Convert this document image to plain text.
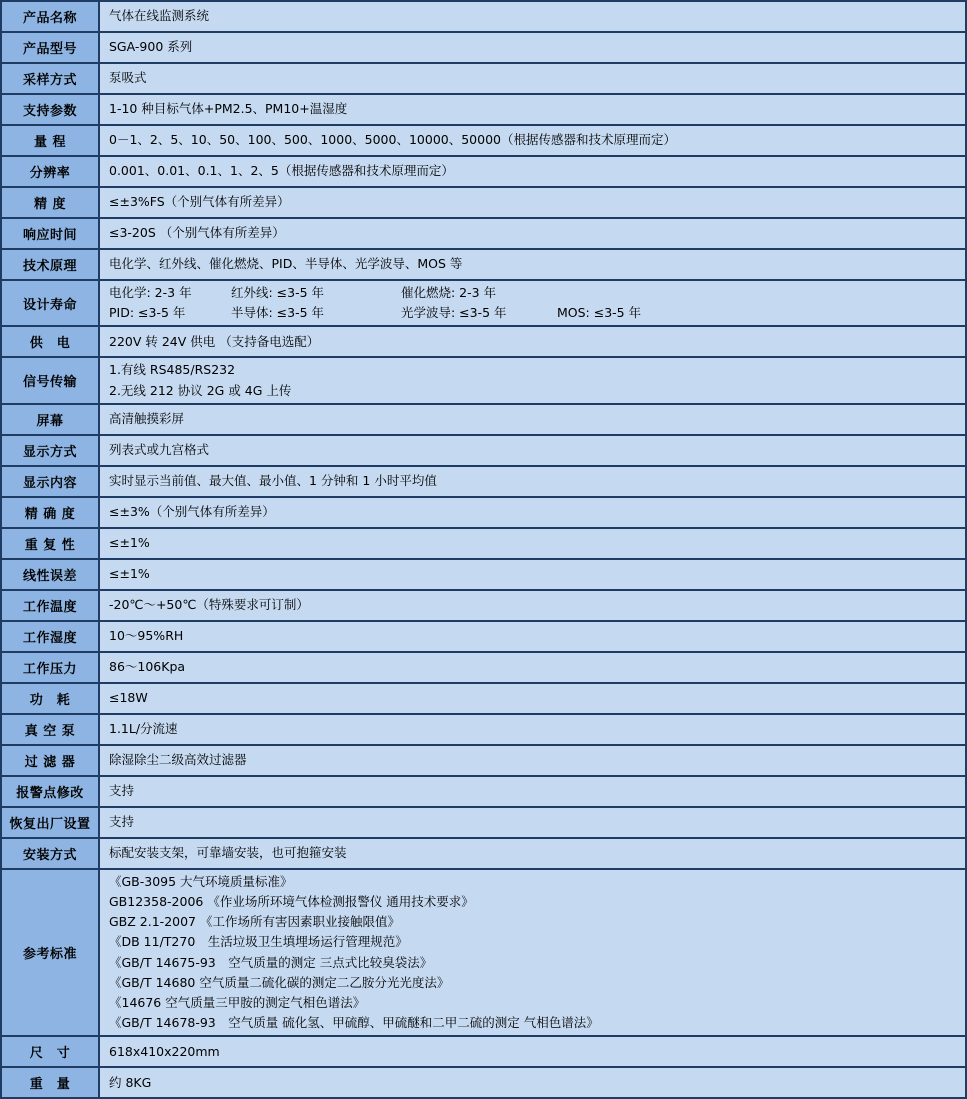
产品名称	气体在线监测系统

产品型号	SGA-900 系列

采样方式	泵吸式

支持参数	1-10 种目标气体+PM2.5、PM10+温湿度

量 程	0－1、2、5、10、50、100、500、1000、5000、10000、50000（根据传感器和技术原理而定）

分辨率	0.001、0.01、0.1、1、2、5（根据传感器和技术原理而定）

精 度	≤±3%FS（个别气体有所差异）

响应时间	≤3-20S （个别气体有所差异）

技术原理	电化学、红外线、催化燃烧、PID、半导体、光学波导、MOS 等

设计寿命	电化学: 2-3 年 红外线: ≤3-5 年 催化燃烧: 2-3 年
PID: ≤3-5 年 半导体: ≤3-5 年 光学波导: ≤3-5 年 MOS: ≤3-5 年

供　电	220V 转 24V 供电 （支持备电选配）

信号传输	1.有线 RS485/RS232
2.无线 212 协议 2G 或 4G 上传

屏幕	高清触摸彩屏

显示方式	列表式或九宫格式

显示内容	实时显示当前值、最大值、最小值、1 分钟和 1 小时平均值

精 确 度	≤±3%（个别气体有所差异）

重 复 性	≤±1%

线性误差	≤±1%

工作温度	-20℃～+50℃（特殊要求可订制）

工作湿度	10～95%RH

工作压力	86～106Kpa

功　耗	≤18W

真 空 泵	1.1L/分流速

过 滤 器	除湿除尘二级高效过滤器

报警点修改	支持

恢复出厂设置	支持

安装方式	标配安装支架，可靠墙安装，也可抱箍安装

参考标准	
《GB-3095 大气环境质量标准》
GB12358-2006 《作业场所环境气体检测报警仪 通用技术要求》
GBZ 2.1-2007 《工作场所有害因素职业接触限值》
《DB 11/T270　生活垃圾卫生填埋场运行管理规范》
《GB/T 14675-93　空气质量的测定 三点式比较臭袋法》
《GB/T 14680 空气质量二硫化碳的测定二乙胺分光光度法》
《14676 空气质量三甲胺的测定气相色谱法》
《GB/T 14678-93　空气质量 硫化氢、甲硫醇、甲硫醚和二甲二硫的测定 气相色谱法》

尺　寸	618x410x220mm

重　量	约 8KG
